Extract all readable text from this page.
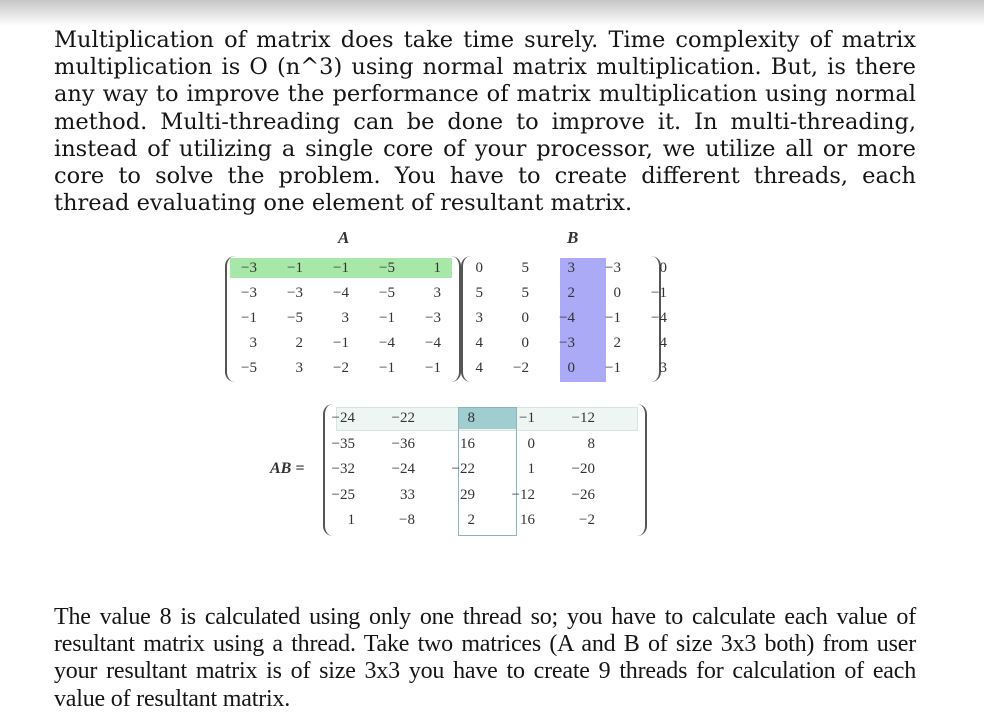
Multiplication of matrix does take time surely. Time complexity of matrix multiplication is O (n^3) using normal matrix multiplication. But, is there any way to improve the performance of matrix multiplication using normal method. Multi-threading can be done to improve it. In multi-threading, instead of utilizing a single core of your processor, we utilize all or more core to solve the problem. You have to create different threads, each thread evaluating one element of resultant matrix.

A	B
−3	−1	−1	−5	1
−3	−3	−4	−5	3
−1	−5	3	−1	−3
3	2	−1	−4	−4
−5	3	−2	−1	−1
0	5	3	−3	0
5	5	2	0	−1
3	0	−4	−1	−4
4	0	−3	2	4
4	−2	0	−1	3
AB =
−24	−22	8	−1	−12
−35	−36	16	0	8
−32	−24	−22	1	−20
−25	33	29	−12	−26
1	−8	2	16	−2

The value 8 is calculated using only one thread so; you have to calculate each value of resultant matrix using a thread. Take two matrices (A and B of size 3x3 both) from user your resultant matrix is of size 3x3 you have to create 9 threads for calculation of each value of resultant matrix.
